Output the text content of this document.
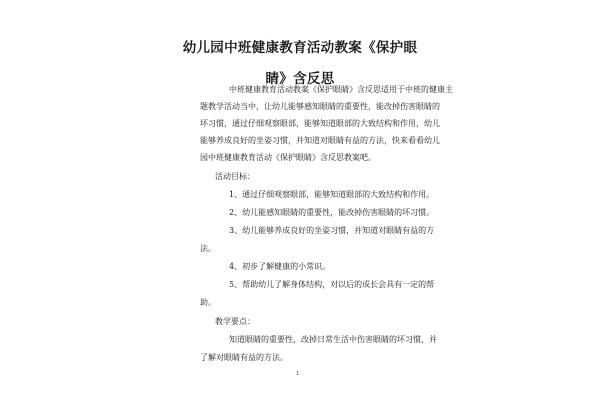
幼儿园中班健康教育活动教案《保护眼
睛》含反思
中班健康教育活动教案《保护眼睛》含反思适用于中班的健康主
题教学活动当中，让幼儿能够感知眼睛的重要性，能改掉伤害眼睛的
坏习惯，通过仔细观察眼部，能够知道眼部的大致结构和作用，幼儿
能够养成良好的坐姿习惯，并知道对眼睛有益的方法，快来看看幼儿
园中班健康教育活动《保护眼睛》含反思教案吧。
活动目标：
1、通过仔细观察眼部，能够知道眼部的大致结构和作用。
2、幼儿能感知眼睛的重要性，能改掉伤害眼睛的坏习惯。
3、幼儿能够养成良好的坐姿习惯，并知道对眼睛有益的方
法。
4、初步了解健康的小常识。
5、帮助幼儿了解身体结构，对以后的成长会具有一定的帮
助。
教学要点：
知道眼睛的重要性，改掉日常生活中伤害眼睛的坏习惯，并
了解对眼睛有益的方法。
1
